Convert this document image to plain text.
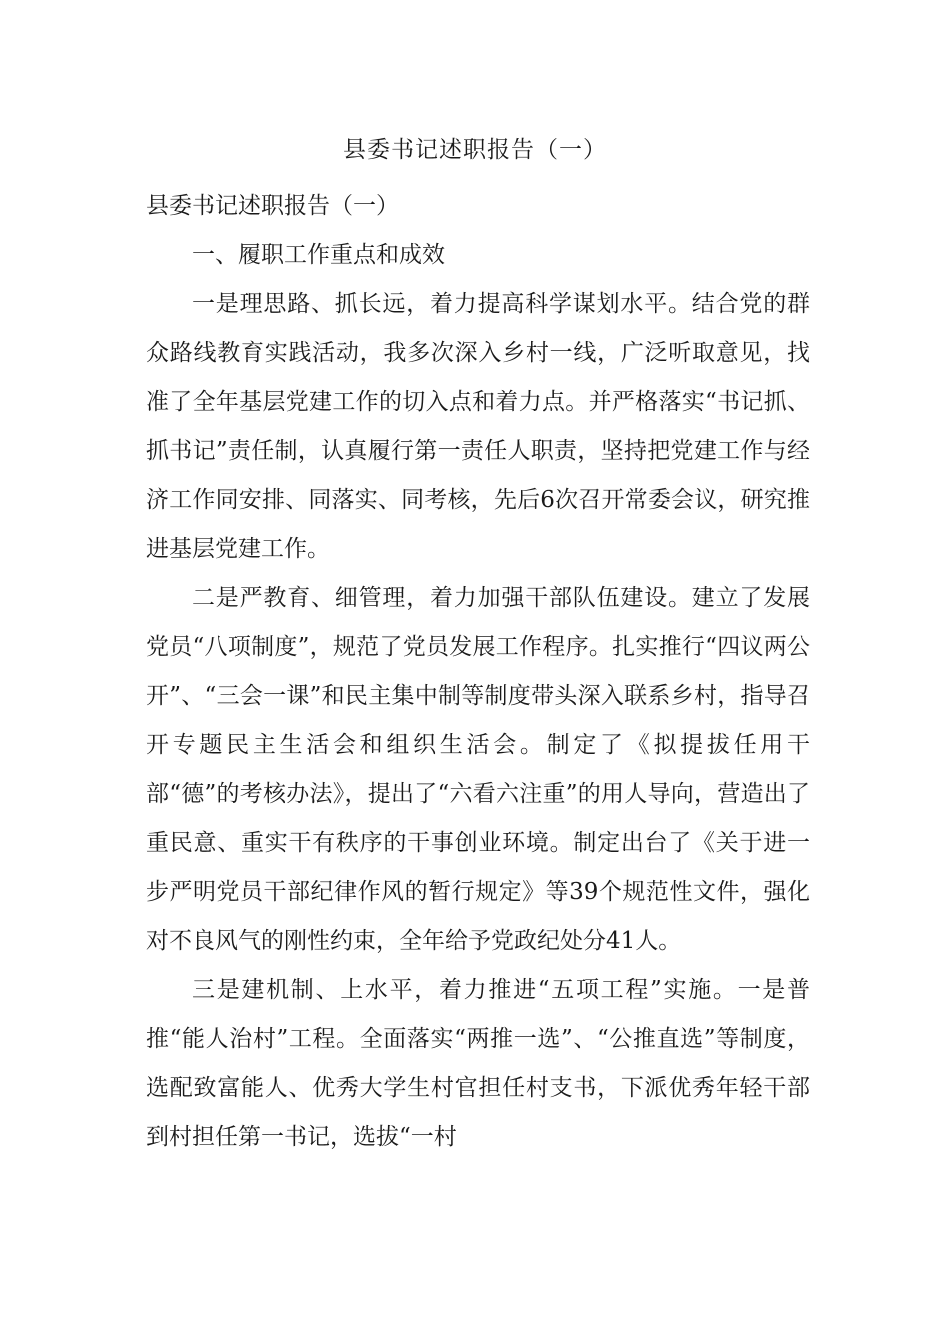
县委书记述职报告（一）

县委书记述职报告（一）

一、履职工作重点和成效

一是理思路、抓长远，着力提高科学谋划水平。结合党的群众路线教育实践活动，我多次深入乡村一线，广泛听取意见，找准了全年基层党建工作的切入点和着力点。并严格落实“书记抓、抓书记”责任制，认真履行第一责任人职责，坚持把党建工作与经济工作同安排、同落实、同考核，先后6次召开常委会议，研究推进基层党建工作。

二是严教育、细管理，着力加强干部队伍建设。建立了发展党员“八项制度”，规范了党员发展工作程序。扎实推行“四议两公开”、“三会一课”和民主集中制等制度带头深入联系乡村，指导召开专题民主生活会和组织生活会。制定了《拟提拔任用干部“德”的考核办法》，提出了“六看六注重”的用人导向，营造出了重民意、重实干有秩序的干事创业环境。制定出台了《关于进一步严明党员干部纪律作风的暂行规定》等39个规范性文件，强化对不良风气的刚性约束，全年给予党政纪处分41人。

三是建机制、上水平，着力推进“五项工程”实施。一是普推“能人治村”工程。全面落实“两推一选”、“公推直选”等制度，选配致富能人、优秀大学生村官担任村支书，下派优秀年轻干部到村担任第一书记，选拔“一村
